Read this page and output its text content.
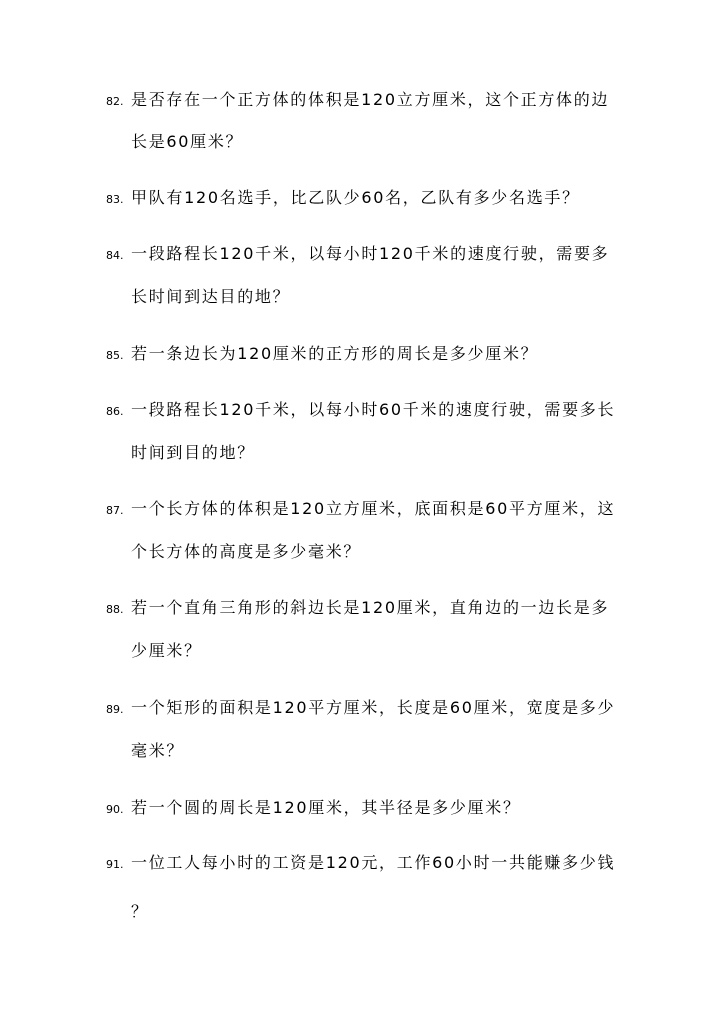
82. 是否存在一个正方体的体积是120立方厘米，这个正方体的边
长是60厘米？
83. 甲队有120名选手，比乙队少60名，乙队有多少名选手？
84. 一段路程长120千米，以每小时120千米的速度行驶，需要多
长时间到达目的地？
85. 若一条边长为120厘米的正方形的周长是多少厘米？
86. 一段路程长120千米，以每小时60千米的速度行驶，需要多长
时间到目的地？
87. 一个长方体的体积是120立方厘米，底面积是60平方厘米，这
个长方体的高度是多少毫米？
88. 若一个直角三角形的斜边长是120厘米，直角边的一边长是多
少厘米？
89. 一个矩形的面积是120平方厘米，长度是60厘米，宽度是多少
毫米？
90. 若一个圆的周长是120厘米，其半径是多少厘米？
91. 一位工人每小时的工资是120元，工作60小时一共能赚多少钱
？
